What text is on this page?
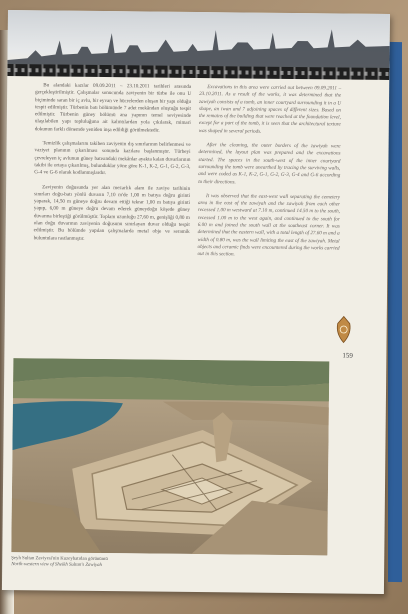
Bu alandaki kazılar 09.09.2011 – 23.10.2011 tarihleri arasında gerçekleştirilmiştir. Çalışmalar sonucunda zaviyenin bir türbe ile onu U biçiminde saran bir iç avlu, bir eyvan ve hücrelerden oluşan bir yapı olduğu tespit edilmiştir. Türbenin batı bölümünde 7 adet mekândan oluştuğu tespit edilmiştir. Türbenin güney bölümü ana yapının temel seviyesinde ulaşılabilen yapı topluluğuna ait kalıntılardan yola çıkılarak, mimari dokunun farklı dönemde yeniden inşa edildiği görülmektedir.

Temizlik çalışmalarını takiben zaviyenin dış sınırlarının belirlenmesi ve vaziyet planının çıkarılması sonunda kazılara başlanmıştır. Türbeyi çevreleyen iç avlunun güney batısındaki mekânlar ayakta kalan duvarlarının takibi ile ortaya çıkarılmış, bulunduklar yöne göre K-1, K-2, G-1, G-2, G-3, G-4 ve G-6 olarak kodlanmışlardır.

Zaviyenin doğusunda yer alan mezarlık alanı ile zaviye tarihinin sınırları doğu-batı yönlü duvarın 7,10 m'de 1,00 m batıya doğru girinti yaparak, 14,50 m güneye doğru devam ettiği tekrar 1,00 m batıya girinti yapıp, 6,00 m güneye doğru devam ederek güneydoğu köşede güney duvarına birleştiği görülmüştür. Toplam uzunluğu 27,60 m, genişliği 0,80 m olan doğu duvarının zaviyenin doğusunu sınırlayan duvar olduğu tespit edilmiştir. Bu bölümde yapılan çalışmalarda metal obje ve seramik buluntulara rastlanmıştır.

Excavations in this area were carried out between 09.09.2011 – 23.10.2011. As a result of the works, it was determined that the zawiyah consists of a tomb, an inner courtyard surrounding it in a U shape, an iwan and 7 adjoining spaces of different sizes. Based on the remains of the building that were reached at the foundation level, except for a part of the tomb, it is seen that the architectural texture was shaped in several periods.

After the cleaning, the outer borders of the zawiyah were determined, the layout plan was prepared and the excavations started. The spaces in the south-west of the inner courtyard surrounding the tomb were unearthed by tracing the surviving walls, and were coded as K-1, K-2, G-1, G-2, G-3, G-4 and G-6 according to their directions.

It was observed that the east-west wall separating the cemetery area in the east of the zawiyah and the zawiyah from each other recessed 1.00 m westward at 7.10 m, continued 14.50 m to the south, recessed 1.00 m to the west again, and continued to the south for 6.00 m and joined the south wall at the southeast corner. It was determined that the eastern wall, with a total length of 27.60 m and a width of 0.80 m, was the wall limiting the east of the zawiyah. Metal objects and ceramic finds were encountered during the works carried out in this section.

159
Şeyh Sultan Zaviyesi'nin Kuzeybatıdan görünümü
North-western view of Sheikh Sultan's Zawiyah
